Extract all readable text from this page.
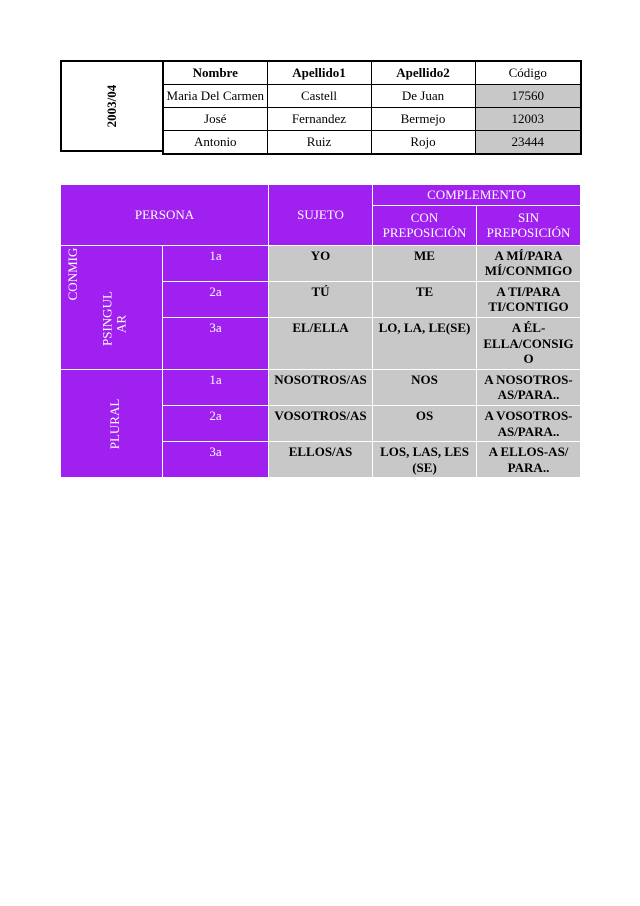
2003/04
Nombre	Apellido1	Apellido2	Código
Maria Del Carmen	Castell	De Juan	17560
José	Fernandez	Bermejo	12003
Antonio	Ruiz	Rojo	23444
PERSONA		SUJETO	COMPLEMENTO	
			CON PREPOSICIÓN	SIN PREPOSICIÓN

CONMIG
PSINGUL AR	1a	YO	ME	A MÍ/PARA MÍ/CONMIGO
	2a	TÚ	TE	A TI/PARA TI/CONTIGO
	3a	EL/ELLA	LO, LA, LE(SE)	A ÉL-ELLA/CONSIG O

PLURAL	1a	NOSOTROS/AS	NOS	A NOSOTROS-AS/PARA..
	2a	VOSOTROS/AS	OS	A VOSOTROS-AS/PARA..
	3a	ELLOS/AS	LOS, LAS, LES (SE)	A ELLOS-AS/ PARA..
